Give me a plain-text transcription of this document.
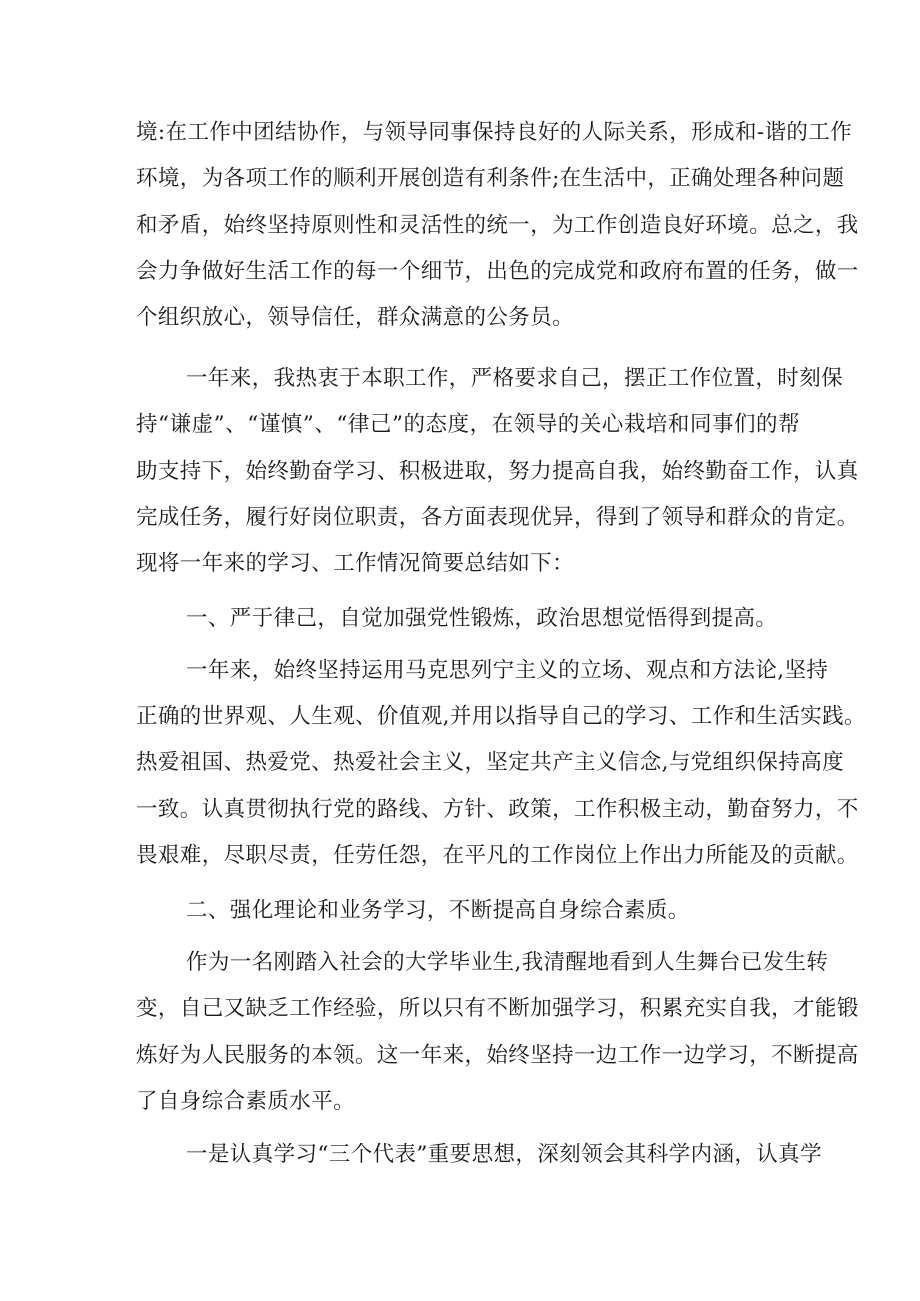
境:在工作中团结协作，与领导同事保持良好的人际关系，形成和-谐的工作
环境，为各项工作的顺利开展创造有利条件;在生活中，正确处理各种问题
和矛盾，始终坚持原则性和灵活性的统一，为工作创造良好环境。总之，我
会力争做好生活工作的每一个细节，出色的完成党和政府布置的任务，做一
个组织放心，领导信任，群众满意的公务员。
一年来，我热衷于本职工作，严格要求自己，摆正工作位置，时刻保
持“谦虚”、“谨慎”、“律己”的态度，在领导的关心栽培和同事们的帮
助支持下，始终勤奋学习、积极进取，努力提高自我，始终勤奋工作，认真
完成任务，履行好岗位职责，各方面表现优异，得到了领导和群众的肯定。
现将一年来的学习、工作情况简要总结如下：
一、严于律己，自觉加强党性锻炼，政治思想觉悟得到提高。
一年来，始终坚持运用马克思列宁主义的立场、观点和方法论,坚持
正确的世界观、人生观、价值观,并用以指导自己的学习、工作和生活实践。
热爱祖国、热爱党、热爱社会主义，坚定共产主义信念,与党组织保持高度
一致。认真贯彻执行党的路线、方针、政策，工作积极主动，勤奋努力，不
畏艰难，尽职尽责，任劳任怨，在平凡的工作岗位上作出力所能及的贡献。
二、强化理论和业务学习，不断提高自身综合素质。
作为一名刚踏入社会的大学毕业生,我清醒地看到人生舞台已发生转
变，自己又缺乏工作经验，所以只有不断加强学习，积累充实自我，才能锻
炼好为人民服务的本领。这一年来，始终坚持一边工作一边学习，不断提高
了自身综合素质水平。
一是认真学习“三个代表”重要思想，深刻领会其科学内涵，认真学
